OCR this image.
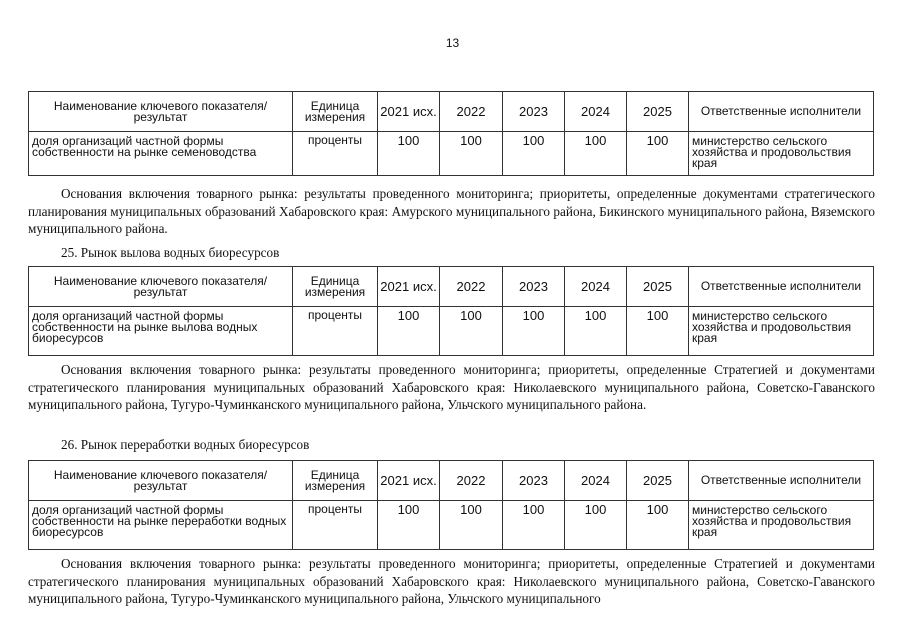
13
Наименование ключевого показателя/результат	Единица измерения	2021 исх.	2022	2023	2024	2025	Ответственные исполнители
доля организаций частной формы собственности на рынке семеноводства	проценты	100	100	100	100	100	министерство сельского хозяйства и продовольствия края

Основания включения товарного рынка: результаты проведенного мониторинга; приоритеты, определенные документами стратегического планирования муниципальных образований Хабаровского края: Амурского муниципального района, Бикинского муниципального района, Вяземского муниципального района.

25. Рынок вылова водных биоресурсов

Наименование ключевого показателя/результат	Единица измерения	2021 исх.	2022	2023	2024	2025	Ответственные исполнители
доля организаций частной формы собственности на рынке вылова водных биоресурсов	проценты	100	100	100	100	100	министерство сельского хозяйства и продовольствия края

Основания включения товарного рынка: результаты проведенного мониторинга; приоритеты, определенные Стратегией и документами стратегического планирования муниципальных образований Хабаровского края: Николаевского муниципального района, Советско-Гаванского муниципального района, Тугуро-Чуминканского муниципального района, Ульчского муниципального района.

26. Рынок переработки водных биоресурсов

Наименование ключевого показателя/результат	Единица измерения	2021 исх.	2022	2023	2024	2025	Ответственные исполнители
доля организаций частной формы собственности на рынке переработки водных биоресурсов	проценты	100	100	100	100	100	министерство сельского хозяйства и продовольствия края

Основания включения товарного рынка: результаты проведенного мониторинга; приоритеты, определенные Стратегией и документами стратегического планирования муниципальных образований Хабаровского края: Николаевского муниципального района, Советско-Гаванского муниципального района, Тугуро-Чуминканского муниципального района, Ульчского муниципального
